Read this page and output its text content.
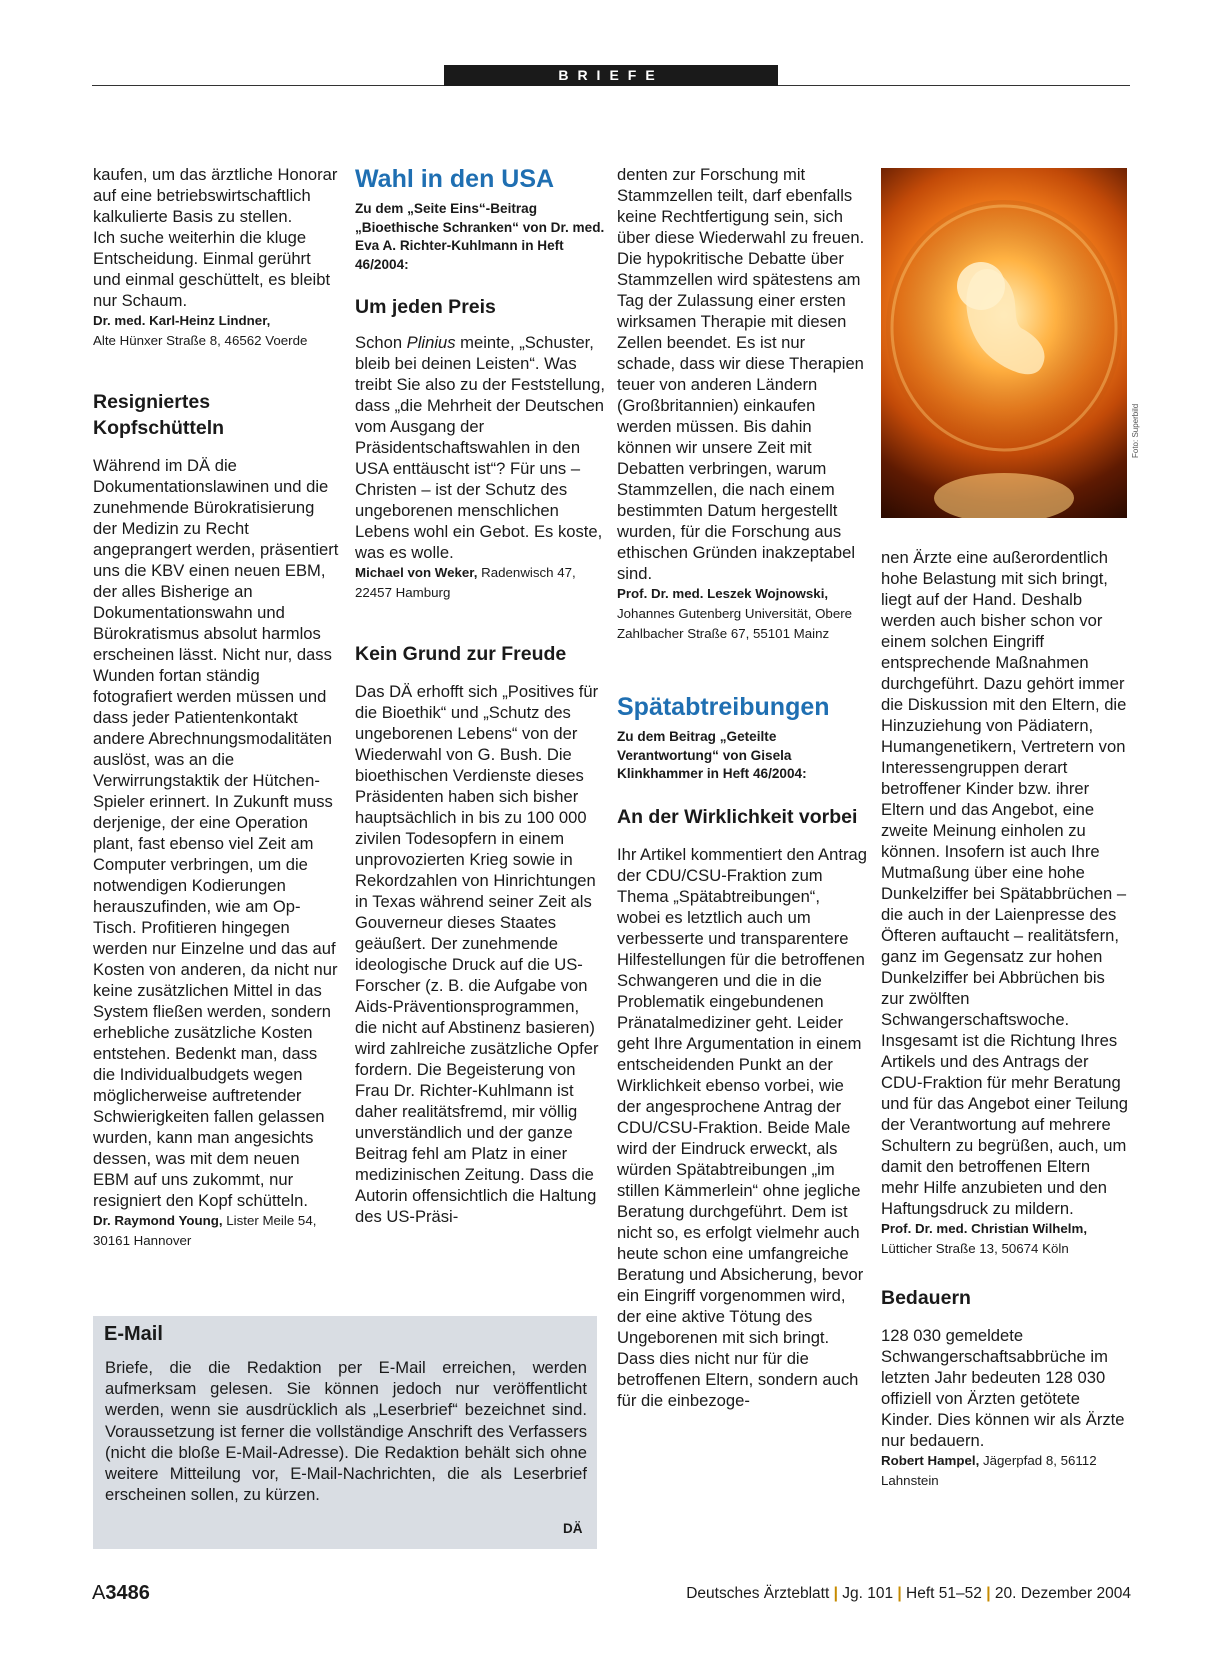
BRIEFE

kaufen, um das ärztliche Honorar auf eine betriebswirtschaftlich kalkulierte Basis zu stellen.

Ich suche weiterhin die kluge Entscheidung. Einmal gerührt und einmal geschüttelt, es bleibt nur Schaum.

Dr. med. Karl-Heinz Lindner,
Alte Hünxer Straße 8, 46562 Voerde

Resigniertes Kopfschütteln

Während im DÄ die Dokumentationslawinen und die zunehmende Bürokratisierung der Medizin zu Recht angeprangert werden, präsentiert uns die KBV einen neuen EBM, der alles Bisherige an Dokumentationswahn und Bürokratismus absolut harmlos erscheinen lässt. Nicht nur, dass Wunden fortan ständig fotografiert werden müssen und dass jeder Patientenkontakt andere Abrechnungsmodalitäten auslöst, was an die Verwirrungstaktik der Hütchen-Spieler erinnert. In Zukunft muss derjenige, der eine Operation plant, fast ebenso viel Zeit am Computer verbringen, um die notwendigen Kodierungen herauszufinden, wie am Op-Tisch. Profitieren hingegen werden nur Einzelne und das auf Kosten von anderen, da nicht nur keine zusätzlichen Mittel in das System fließen werden, sondern erhebliche zusätzliche Kosten entstehen. Bedenkt man, dass die Individualbudgets wegen möglicherweise auftretender Schwierigkeiten fallen gelassen wurden, kann man angesichts dessen, was mit dem neuen EBM auf uns zukommt, nur resigniert den Kopf schütteln.

Dr. Raymond Young, Lister Meile 54, 30161 Hannover

Wahl in den USA

Zu dem „Seite Eins“-Beitrag „Bioethische Schranken“ von Dr. med. Eva A. Richter-Kuhlmann in Heft 46/2004:

Um jeden Preis

Schon Plinius meinte, „Schuster, bleib bei deinen Leisten“. Was treibt Sie also zu der Feststellung, dass „die Mehrheit der Deutschen vom Ausgang der Präsidentschaftswahlen in den USA enttäuscht ist“? Für uns – Christen – ist der Schutz des ungeborenen menschlichen Lebens wohl ein Gebot. Es koste, was es wolle.

Michael von Weker, Radenwisch 47, 22457 Hamburg

Kein Grund zur Freude

Das DÄ erhofft sich „Positives für die Bioethik“ und „Schutz des ungeborenen Lebens“ von der Wiederwahl von G. Bush. Die bioethischen Verdienste dieses Präsidenten haben sich bisher hauptsächlich in bis zu 100 000 zivilen Todesopfern in einem unprovozierten Krieg sowie in Rekordzahlen von Hinrichtungen in Texas während seiner Zeit als Gouverneur dieses Staates geäußert. Der zunehmende ideologische Druck auf die US-Forscher (z. B. die Aufgabe von Aids-Präventionsprogrammen, die nicht auf Abstinenz basieren) wird zahlreiche zusätzliche Opfer fordern. Die Begeisterung von Frau Dr. Richter-Kuhlmann ist daher realitätsfremd, mir völlig unverständlich und der ganze Beitrag fehl am Platz in einer medizinischen Zeitung. Dass die Autorin offensichtlich die Haltung des US-Präsi-

denten zur Forschung mit Stammzellen teilt, darf ebenfalls keine Rechtfertigung sein, sich über diese Wiederwahl zu freuen. Die hypokritische Debatte über Stammzellen wird spätestens am Tag der Zulassung einer ersten wirksamen Therapie mit diesen Zellen beendet. Es ist nur schade, dass wir diese Therapien teuer von anderen Ländern (Großbritannien) einkaufen werden müssen. Bis dahin können wir unsere Zeit mit Debatten verbringen, warum Stammzellen, die nach einem bestimmten Datum hergestellt wurden, für die Forschung aus ethischen Gründen inakzeptabel sind.

Prof. Dr. med. Leszek Wojnowski,
Johannes Gutenberg Universität, Obere Zahlbacher Straße 67, 55101 Mainz

Spätabtreibungen

Zu dem Beitrag „Geteilte Verantwortung“ von Gisela Klinkhammer in Heft 46/2004:

An der Wirklichkeit vorbei

Ihr Artikel kommentiert den Antrag der CDU/CSU-Fraktion zum Thema „Spätabtreibungen“, wobei es letztlich auch um verbesserte und transparentere Hilfestellungen für die betroffenen Schwangeren und die in die Problematik eingebundenen Pränatalmediziner geht. Leider geht Ihre Argumentation in einem entscheidenden Punkt an der Wirklichkeit ebenso vorbei, wie der angesprochene Antrag der CDU/CSU-Fraktion. Beide Male wird der Eindruck erweckt, als würden Spätabtreibungen „im stillen Kämmerlein“ ohne jegliche Beratung durchgeführt. Dem ist nicht so, es erfolgt vielmehr auch heute schon eine umfangreiche Beratung und Absicherung, bevor ein Eingriff vorgenommen wird, der eine aktive Tötung des Ungeborenen mit sich bringt. Dass dies nicht nur für die betroffenen Eltern, sondern auch für die einbezoge-

Foto: Superbild

nen Ärzte eine außerordentlich hohe Belastung mit sich bringt, liegt auf der Hand. Deshalb werden auch bisher schon vor einem solchen Eingriff entsprechende Maßnahmen durchgeführt. Dazu gehört immer die Diskussion mit den Eltern, die Hinzuziehung von Pädiatern, Humangenetikern, Vertretern von Interessengruppen derart betroffener Kinder bzw. ihrer Eltern und das Angebot, eine zweite Meinung einholen zu können. Insofern ist auch Ihre Mutmaßung über eine hohe Dunkelziffer bei Spätabbrüchen – die auch in der Laienpresse des Öfteren auftaucht – realitätsfern, ganz im Gegensatz zur hohen Dunkelziffer bei Abbrüchen bis zur zwölften Schwangerschaftswoche. Insgesamt ist die Richtung Ihres Artikels und des Antrags der CDU-Fraktion für mehr Beratung und für das Angebot einer Teilung der Verantwortung auf mehrere Schultern zu begrüßen, auch, um damit den betroffenen Eltern mehr Hilfe anzubieten und den Haftungsdruck zu mildern.

Prof. Dr. med. Christian Wilhelm,
Lütticher Straße 13, 50674 Köln

Bedauern

128 030 gemeldete Schwangerschaftsabbrüche im letzten Jahr bedeuten 128 030 offiziell von Ärzten getötete Kinder. Dies können wir als Ärzte nur bedauern.

Robert Hampel, Jägerpfad 8, 56112 Lahnstein
E-Mail
Briefe, die die Redaktion per E-Mail erreichen, werden aufmerksam gelesen. Sie können jedoch nur veröffentlicht werden, wenn sie ausdrücklich als „Leserbrief“ bezeichnet sind. Voraussetzung ist ferner die vollständige Anschrift des Verfassers (nicht die bloße E-Mail-Adresse). Die Redaktion behält sich ohne weitere Mitteilung vor, E-Mail-Nachrichten, die als Leserbrief erscheinen sollen, zu kürzen.
DÄ
A3486	Deutsches Ärzteblatt | Jg. 101 | Heft 51–52 | 20. Dezember 2004
